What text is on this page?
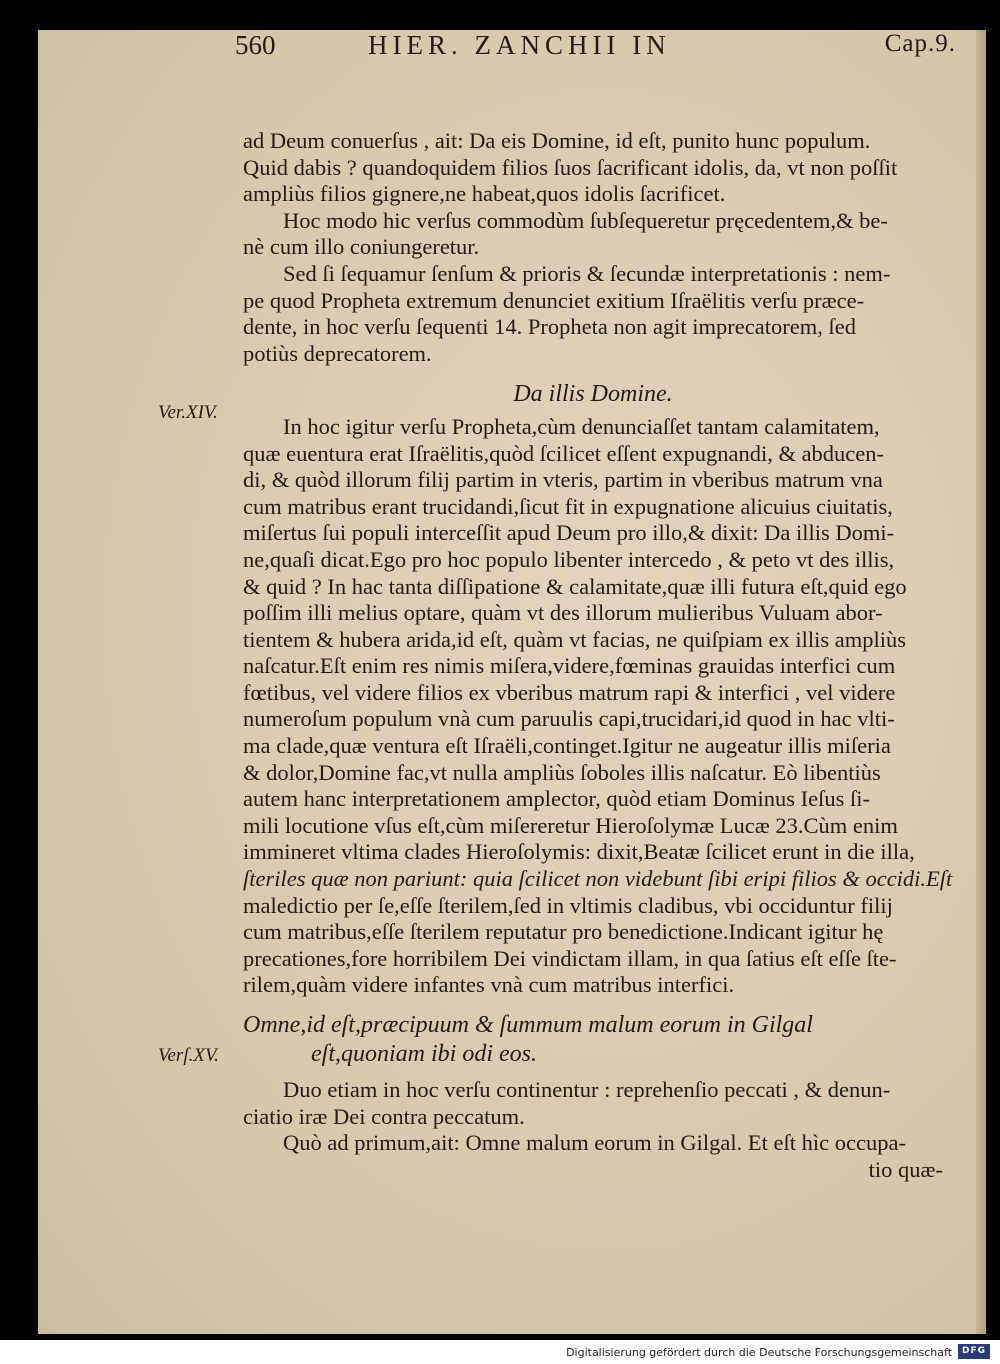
560	HIER. ZANCHII IN	Cap.9.
Ver.XIV.
Verſ.XV.

ad Deum conuerſus , ait: Da eis Domine, id eſt, punito hunc populum.
Quid dabis ? quandoquidem filios ſuos ſacrificant idolis, da, vt non poſſit
ampliùs filios gignere,ne habeat,quos idolis ſacrificet.

Hoc modo hic verſus commodùm ſubſequeretur pręcedentem,& be-
nè cum illo coniungeretur.

Sed ſi ſequamur ſenſum & prioris & ſecundæ interpretationis : nem-
pe quod Propheta extremum denunciet exitium Iſraëlitis verſu præce-
dente, in hoc verſu ſequenti 14. Propheta non agit imprecatorem, ſed
potiùs deprecatorem.

Da illis Domine.

In hoc igitur verſu Propheta,cùm denunciaſſet tantam calamitatem,
quæ euentura erat Iſraëlitis,quòd ſcilicet eſſent expugnandi, & abducen-
di, & quòd illorum filij partim in vteris, partim in vberibus matrum vna
cum matribus erant trucidandi,ſicut fit in expugnatione alicuius ciuitatis,
miſertus ſui populi interceſſit apud Deum pro illo,& dixit: Da illis Domi-
ne,quaſi dicat.Ego pro hoc populo libenter intercedo , & peto vt des illis,
& quid ? In hac tanta diſſipatione & calamitate,quæ illi futura eſt,quid ego
poſſim illi melius optare, quàm vt des illorum mulieribus Vuluam abor-
tientem & hubera arida,id eſt, quàm vt facias, ne quiſpiam ex illis ampliùs
naſcatur.Eſt enim res nimis miſera,videre,fœminas grauidas interfici cum
fœtibus, vel videre filios ex vberibus matrum rapi & interfici , vel videre
numeroſum populum vnà cum paruulis capi,trucidari,id quod in hac vlti-
ma clade,quæ ventura eſt Iſraëli,continget.Igitur ne augeatur illis miſeria
& dolor,Domine fac,vt nulla ampliùs ſoboles illis naſcatur. Eò libentiùs
autem hanc interpretationem amplector, quòd etiam Dominus Ieſus ſi-
mili locutione vſus eſt,cùm miſereretur Hieroſolymæ Lucæ 23.Cùm enim
immineret vltima clades Hieroſolymis: dixit,Beatæ ſcilicet erunt in die illa,
ſteriles quæ non pariunt: quia ſcilicet non videbunt ſibi eripi filios & occidi.Eſt
maledictio per ſe,eſſe ſterilem,ſed in vltimis cladibus, vbi occiduntur filij
cum matribus,eſſe ſterilem reputatur pro benedictione.Indicant igitur hę
precationes,fore horribilem Dei vindictam illam, in qua ſatius eſt eſſe ſte-
rilem,quàm videre infantes vnà cum matribus interfici.

Omne,id eſt,præcipuum & ſummum malum eorum in Gilgal
eſt,quoniam ibi odi eos.

Duo etiam in hoc verſu continentur : reprehenſio peccati , & denun-
ciatio iræ Dei contra peccatum.

Quò ad primum,ait: Omne malum eorum in Gilgal. Et eſt hìc occupa-
tio quæ-

Digitalisierung gefördert durch die Deutsche Forschungsgemeinschaft	DFG
